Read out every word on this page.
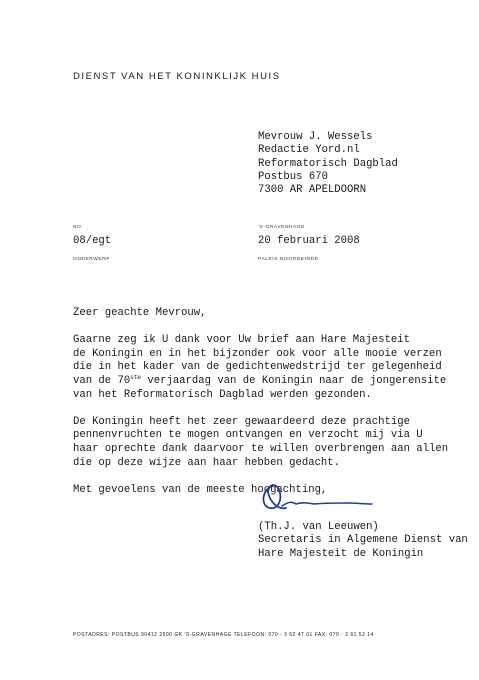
DIENST VAN HET KONINKLIJK HUIS
Mevrouw J. Wessels
Redactie Yord.nl
Reformatorisch Dagblad
Postbus 670
7300 AR APELDOORN
NO
08/egt
'S-GRAVENHAGE
20 februari 2008
ONDERWERP	PALEIS NOORDEINDE

Zeer geachte Mevrouw,

Gaarne zeg ik U dank voor Uw brief aan Hare Majesteit

de Koningin en in het bijzonder ook voor alle mooie verzen

die in het kader van de gedichtenwedstrijd ter gelegenheid

van de 70ste verjaardag van de Koningin naar de jongerensite

van het Reformatorisch Dagblad werden gezonden.

De Koningin heeft het zeer gewaardeerd deze prachtige

pennenvruchten te mogen ontvangen en verzocht mij via U

haar oprechte dank daarvoor te willen overbrengen aan allen

die op deze wijze aan haar hebben gedacht.

Met gevoelens van de meeste hoogachting,

(Th.J. van Leeuwen)
Secretaris in Algemene Dienst van
Hare Majesteit de Koningin
POSTADRES: POSTBUS 90412 2500 GK 'S-GRAVENHAGE TELEFOON: 070 - 3 62 47 01 FAX: 070 - 3 61 52 14
